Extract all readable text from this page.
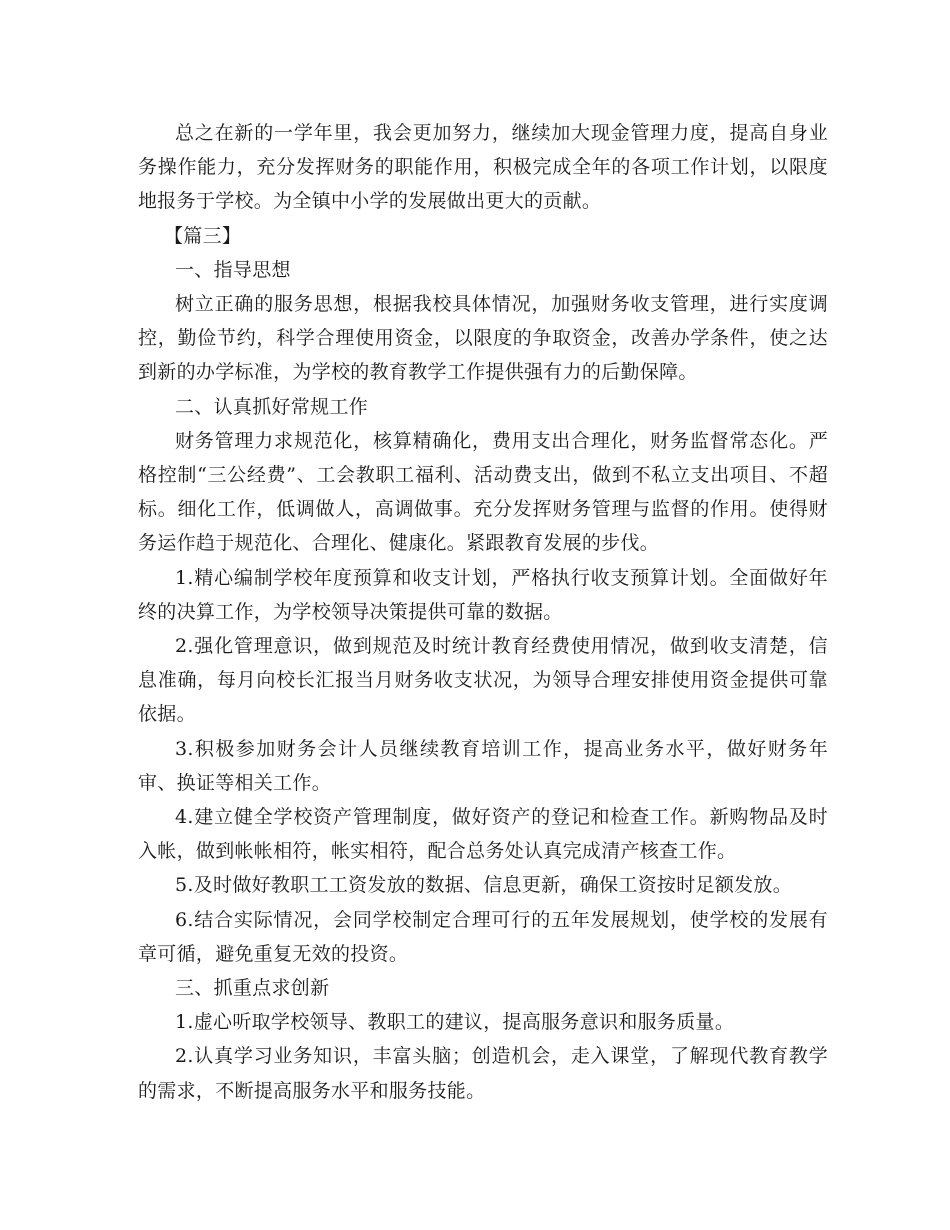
总之在新的一学年里，我会更加努力，继续加大现金管理力度，提高自身业务操作能力，充分发挥财务的职能作用，积极完成全年的各项工作计划，以限度地报务于学校。为全镇中小学的发展做出更大的贡献。

【篇三】

一、指导思想

树立正确的服务思想，根据我校具体情况，加强财务收支管理，进行实度调控，勤俭节约，科学合理使用资金，以限度的争取资金，改善办学条件，使之达到新的办学标准，为学校的教育教学工作提供强有力的后勤保障。

二、认真抓好常规工作

财务管理力求规范化，核算精确化，费用支出合理化，财务监督常态化。严格控制“三公经费”、工会教职工福利、活动费支出，做到不私立支出项目、不超标。细化工作，低调做人，高调做事。充分发挥财务管理与监督的作用。使得财务运作趋于规范化、合理化、健康化。紧跟教育发展的步伐。

1.精心编制学校年度预算和收支计划，严格执行收支预算计划。全面做好年终的决算工作，为学校领导决策提供可靠的数据。

2.强化管理意识，做到规范及时统计教育经费使用情况，做到收支清楚，信息准确，每月向校长汇报当月财务收支状况，为领导合理安排使用资金提供可靠依据。

3.积极参加财务会计人员继续教育培训工作，提高业务水平，做好财务年审、换证等相关工作。

4.建立健全学校资产管理制度，做好资产的登记和检查工作。新购物品及时入帐，做到帐帐相符，帐实相符，配合总务处认真完成清产核查工作。

5.及时做好教职工工资发放的数据、信息更新，确保工资按时足额发放。

6.结合实际情况，会同学校制定合理可行的五年发展规划，使学校的发展有章可循，避免重复无效的投资。

三、抓重点求创新

1.虚心听取学校领导、教职工的建议，提高服务意识和服务质量。

2.认真学习业务知识，丰富头脑；创造机会，走入课堂，了解现代教育教学的需求，不断提高服务水平和服务技能。
